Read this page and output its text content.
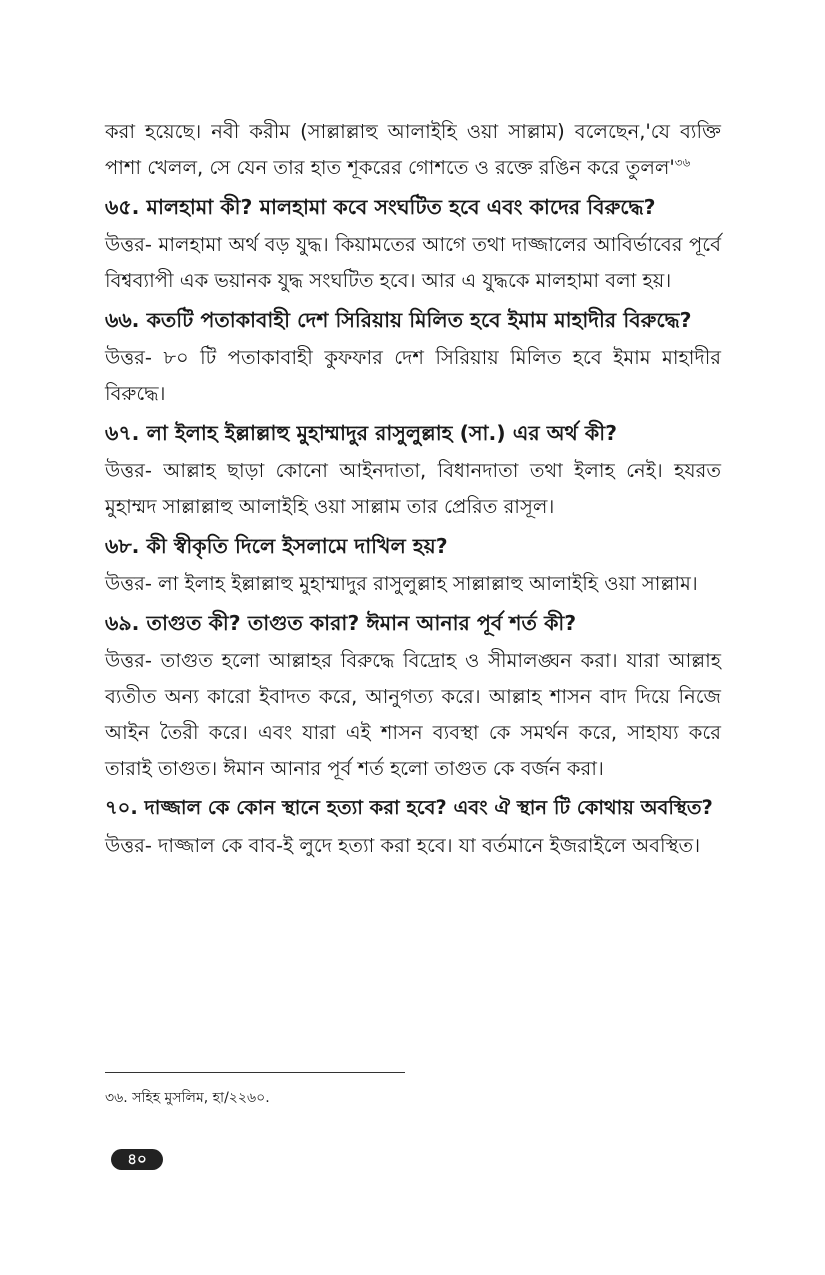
করা হয়েছে। নবী করীম (সাল্লাল্লাহু আলাইহি ওয়া সাল্লাম) বলেছেন,'যে ব্যক্তি পাশা খেলল, সে যেন তার হাত শূকরের গোশতে ও রক্তে রঙিন করে তুলল'$^{৩৬}$

৬৫. মালহামা কী? মালহামা কবে সংঘটিত হবে এবং কাদের বিরুদ্ধে?

উত্তর- মালহামা অর্থ বড় যুদ্ধ। কিয়ামতের আগে তথা দাজ্জালের আবির্ভাবের পূর্বে বিশ্বব্যাপী এক ভয়ানক যুদ্ধ সংঘটিত হবে। আর এ যুদ্ধকে মালহামা বলা হয়।

৬৬. কতটি পতাকাবাহী দেশ সিরিয়ায় মিলিত হবে ইমাম মাহাদীর বিরুদ্ধে?

উত্তর- ৮০ টি পতাকাবাহী কুফফার দেশ সিরিয়ায় মিলিত হবে ইমাম মাহাদীর বিরুদ্ধে।

৬৭. লা ইলাহ ইল্লাল্লাহু মুহাম্মাদুর রাসুলুল্লাহ (সা.) এর অর্থ কী?

উত্তর- আল্লাহ ছাড়া কোনো আইনদাতা, বিধানদাতা তথা ইলাহ নেই। হযরত মুহাম্মদ সাল্লাল্লাহু আলাইহি ওয়া সাল্লাম তার প্রেরিত রাসূল।

৬৮. কী স্বীকৃতি দিলে ইসলামে দাখিল হয়?

উত্তর- লা ইলাহ ইল্লাল্লাহু মুহাম্মাদুর রাসুলুল্লাহ সাল্লাল্লাহু আলাইহি ওয়া সাল্লাম।

৬৯. তাগুত কী? তাগুত কারা? ঈমান আনার পূর্ব শর্ত কী?

উত্তর- তাগুত হলো আল্লাহর বিরুদ্ধে বিদ্রোহ ও সীমালঙ্ঘন করা। যারা আল্লাহ ব্যতীত অন্য কারো ইবাদত করে, আনুগত্য করে। আল্লাহ শাসন বাদ দিয়ে নিজে আইন তৈরী করে। এবং যারা এই শাসন ব্যবস্থা কে সমর্থন করে, সাহায্য করে তারাই তাগুত। ঈমান আনার পূর্ব শর্ত হলো তাগুত কে বর্জন করা।

৭০. দাজ্জাল কে কোন স্থানে হত্যা করা হবে? এবং ঐ স্থান টি কোথায় অবস্থিত?

উত্তর- দাজ্জাল কে বাব-ই লুদে হত্যা করা হবে। যা বর্তমানে ইজরাইলে অবস্থিত।

৩৬. সহিহ মুসলিম, হা/২২৬০.

৪০
